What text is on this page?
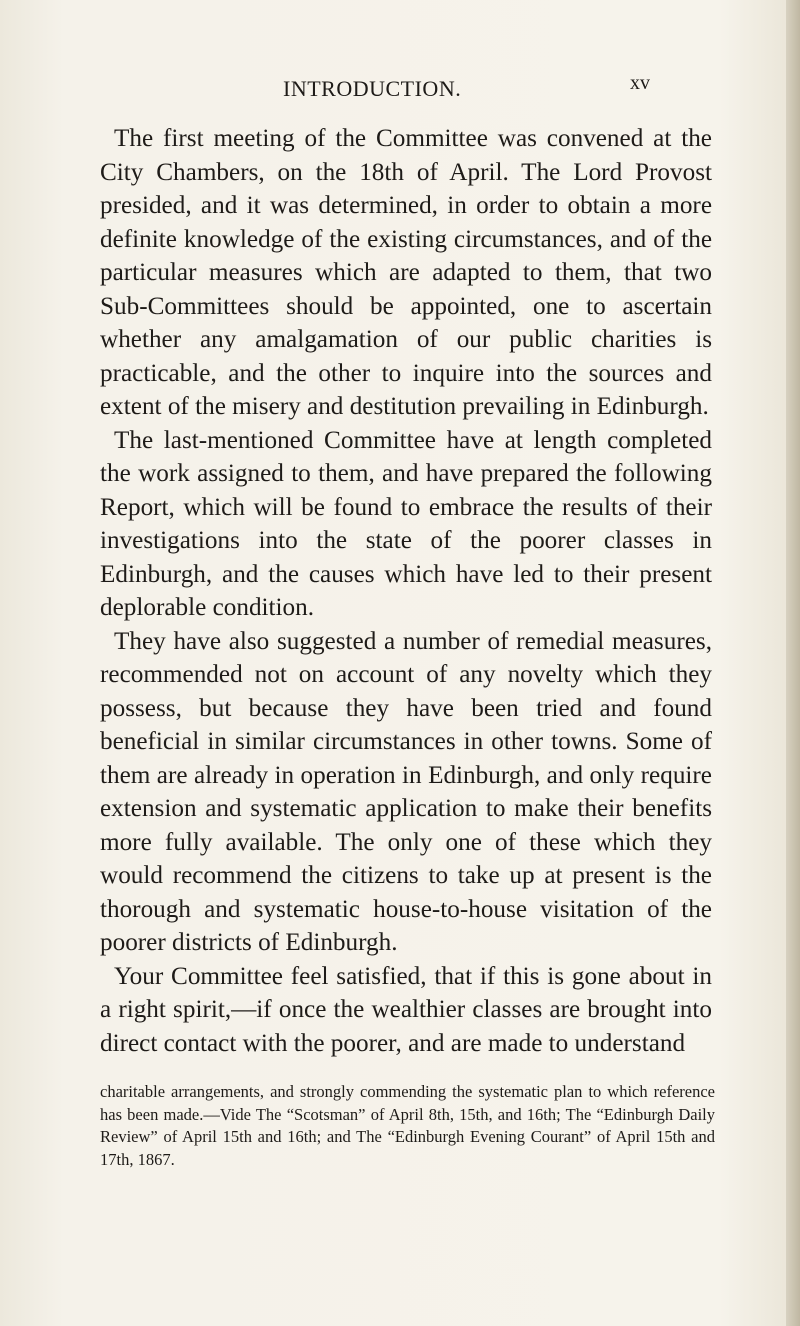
INTRODUCTION.	xv

The first meeting of the Committee was convened at the City Chambers, on the 18th of April. The Lord Provost presided, and it was determined, in order to obtain a more definite knowledge of the existing circumstances, and of the particular measures which are adapted to them, that two Sub-Committees should be appointed, one to ascertain whether any amalgamation of our public charities is practicable, and the other to inquire into the sources and extent of the misery and destitution prevailing in Edinburgh.

The last-mentioned Committee have at length completed the work assigned to them, and have prepared the following Report, which will be found to embrace the results of their investigations into the state of the poorer classes in Edinburgh, and the causes which have led to their present deplorable condition.

They have also suggested a number of remedial measures, recommended not on account of any novelty which they possess, but because they have been tried and found beneficial in similar circumstances in other towns. Some of them are already in operation in Edinburgh, and only require extension and systematic application to make their benefits more fully available. The only one of these which they would recommend the citizens to take up at present is the thorough and systematic house-to-house visitation of the poorer districts of Edinburgh.

Your Committee feel satisfied, that if this is gone about in a right spirit,—if once the wealthier classes are brought into direct contact with the poorer, and are made to understand

charitable arrangements, and strongly commending the systematic plan to which reference has been made.—Vide The “Scotsman” of April 8th, 15th, and 16th; The “Edinburgh Daily Review” of April 15th and 16th; and The “Edinburgh Evening Courant” of April 15th and 17th, 1867.
